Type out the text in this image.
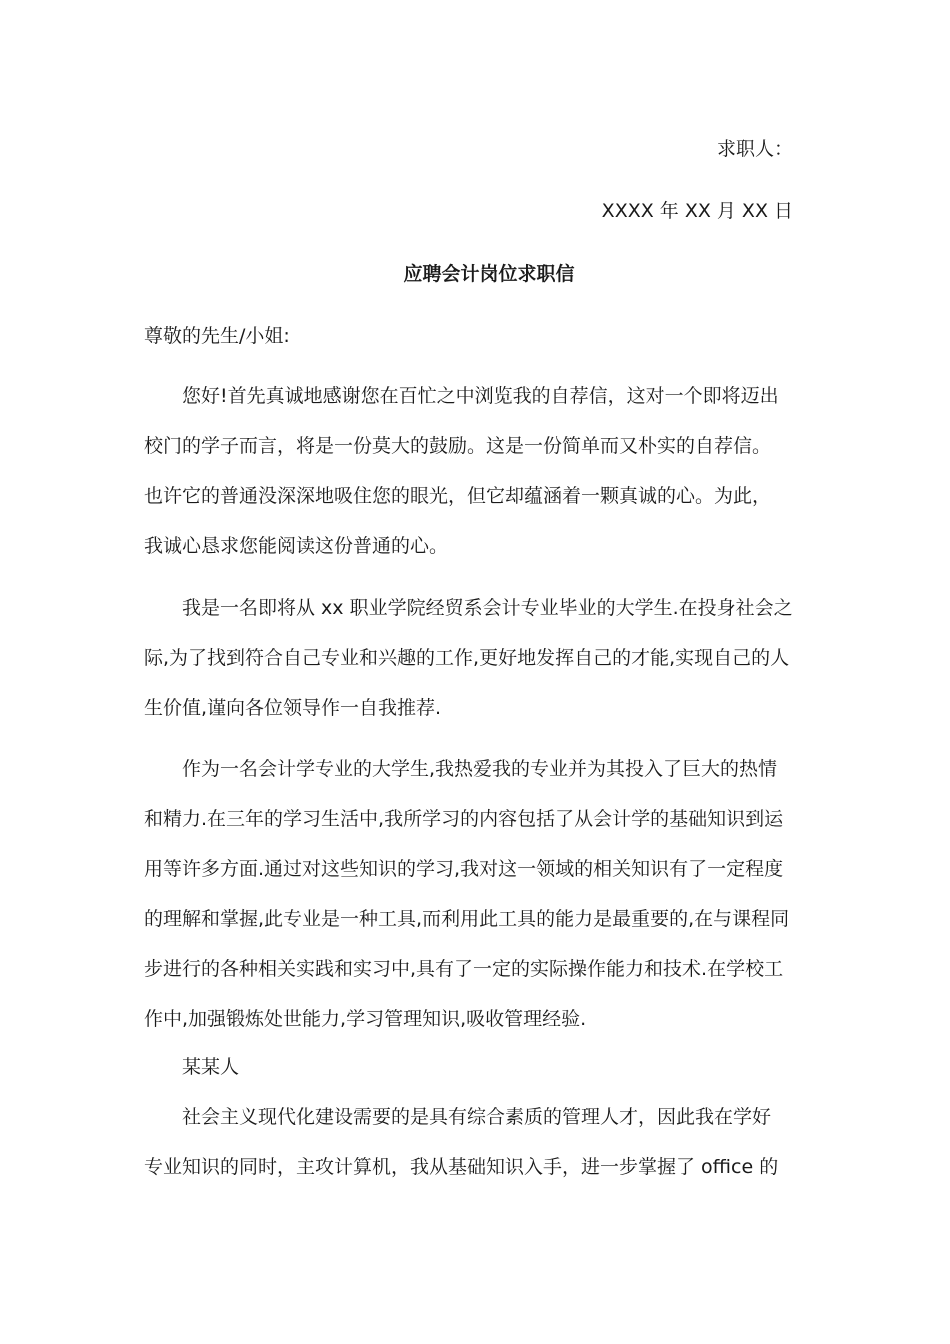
求职人：
XXXX 年 XX 月 XX 日
应聘会计岗位求职信
尊敬的先生/小姐:
您好!首先真诚地感谢您在百忙之中浏览我的自荐信，这对一个即将迈出
校门的学子而言，将是一份莫大的鼓励。这是一份简单而又朴实的自荐信。
也许它的普通没深深地吸住您的眼光，但它却蕴涵着一颗真诚的心。为此，
我诚心恳求您能阅读这份普通的心。
我是一名即将从 xx 职业学院经贸系会计专业毕业的大学生.在投身社会之
际,为了找到符合自己专业和兴趣的工作,更好地发挥自己的才能,实现自己的人
生价值,谨向各位领导作一自我推荐.
作为一名会计学专业的大学生,我热爱我的专业并为其投入了巨大的热情
和精力.在三年的学习生活中,我所学习的内容包括了从会计学的基础知识到运
用等许多方面.通过对这些知识的学习,我对这一领域的相关知识有了一定程度
的理解和掌握,此专业是一种工具,而利用此工具的能力是最重要的,在与课程同
步进行的各种相关实践和实习中,具有了一定的实际操作能力和技术.在学校工
作中,加强锻炼处世能力,学习管理知识,吸收管理经验.
某某人
社会主义现代化建设需要的是具有综合素质的管理人才，因此我在学好
专业知识的同时，主攻计算机，我从基础知识入手，进一步掌握了 office 的
